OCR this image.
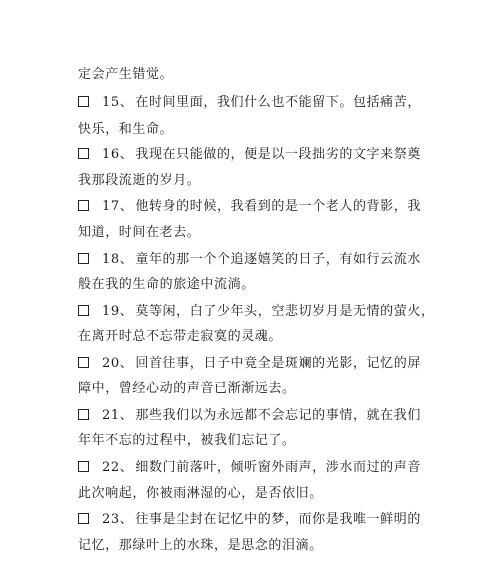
定会产生错觉。
15、 在时间里面，我们什么也不能留下。包括痛苦，
快乐，和生命。
16、 我现在只能做的，便是以一段拙劣的文字来祭奠
我那段流逝的岁月。
17、 他转身的时候，我看到的是一个老人的背影，我
知道，时间在老去。
18、 童年的那一个个追逐嬉笑的日子，有如行云流水
般在我的生命的旅途中流淌。
19、 莫等闲，白了少年头，空悲切岁月是无情的萤火，
在离开时总不忘带走寂寞的灵魂。
20、 回首往事，日子中竟全是斑斓的光影，记忆的屏
障中，曾经心动的声音已渐渐远去。
21、 那些我们以为永远都不会忘记的事情，就在我们
年年不忘的过程中，被我们忘记了。
22、 细数门前落叶，倾听窗外雨声，涉水而过的声音
此次响起，你被雨淋湿的心，是否依旧。
23、 往事是尘封在记忆中的梦，而你是我唯一鲜明的
记忆，那绿叶上的水珠，是思念的泪滴。
